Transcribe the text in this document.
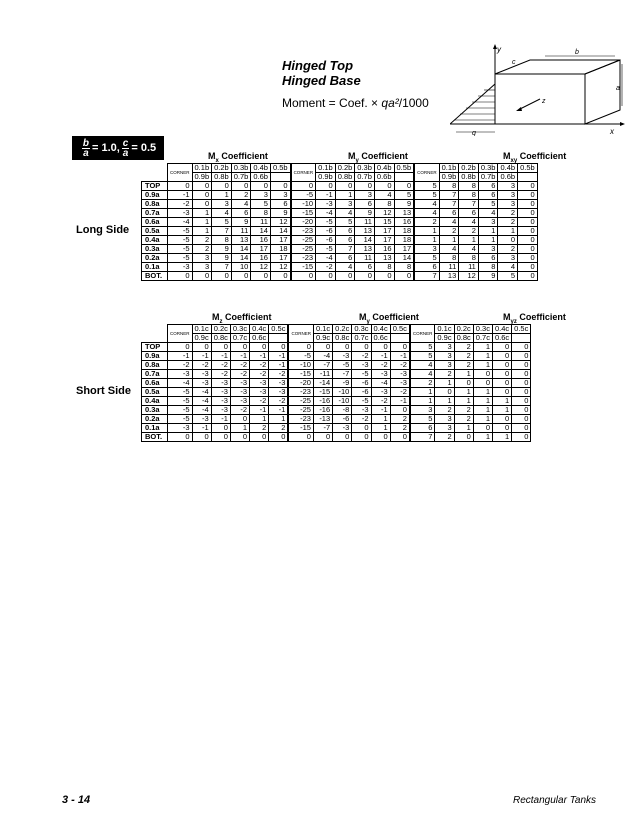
Hinged Top
Hinged Base
Moment = Coef. × qa²/1000
y
c
b
a
z
x
q
$\frac{b}{a} = 1.0$, $\frac{c}{a} = 0.5$
$M_x$ Coefficient	$M_y$ Coefficient	$M_{xy}$ Coefficient
Long Side
	CORNER	0.1b	0.2b	0.3b	0.4b	0.5b	CORNER	0.1b	0.2b	0.3b	0.4b	0.5b	CORNER	0.1b	0.2b	0.3b	0.4b	0.5b
		0.9b	0.8b	0.7b	0.6b			0.9b	0.8b	0.7b	0.6b			0.9b	0.8b	0.7b	0.6b	
TOP	0	0	0	0	0	0	0	0	0	0	0	0	5	8	8	6	3	0
0.9a	-1	0	1	2	3	3	-5	-1	1	3	4	5	5	7	8	6	3	0
0.8a	-2	0	3	4	5	6	-10	-3	3	6	8	9	4	7	7	5	3	0
0.7a	-3	1	4	6	8	9	-15	-4	4	9	12	13	4	6	6	4	2	0
0.6a	-4	1	5	9	11	12	-20	-5	5	11	15	16	2	4	4	3	2	0
0.5a	-5	1	7	11	14	14	-23	-6	6	13	17	18	1	2	2	1	1	0
0.4a	-5	2	8	13	16	17	-25	-6	6	14	17	18	1	1	1	1	0	0
0.3a	-5	2	9	14	17	18	-25	-5	7	13	16	17	3	4	4	3	2	0
0.2a	-5	3	9	14	16	17	-23	-4	6	11	13	14	5	8	8	6	3	0
0.1a	-3	3	7	10	12	12	-15	-2	4	6	8	8	6	11	11	8	4	0
BOT.	0	0	0	0	0	0	0	0	0	0	0	0	7	13	12	9	5	0
$M_z$ Coefficient	$M_y$ Coefficient	$M_{yz}$ Coefficient
Short Side
	CORNER	0.1c	0.2c	0.3c	0.4c	0.5c	CORNER	0.1c	0.2c	0.3c	0.4c	0.5c	CORNER	0.1c	0.2c	0.3c	0.4c	0.5c
		0.9c	0.8c	0.7c	0.6c			0.9c	0.8c	0.7c	0.6c			0.9c	0.8c	0.7c	0.6c	
TOP	0	0	0	0	0	0	0	0	0	0	0	0	5	3	2	1	0	0
0.9a	-1	-1	-1	-1	-1	-1	-5	-4	-3	-2	-1	-1	5	3	2	1	0	0
0.8a	-2	-2	-2	-2	-2	-1	-10	-7	-5	-3	-2	-2	4	3	2	1	0	0
0.7a	-3	-3	-2	-2	-2	-2	-15	-11	-7	-5	-3	-3	4	2	1	0	0	0
0.6a	-4	-3	-3	-3	-3	-3	-20	-14	-9	-6	-4	-3	2	1	0	0	0	0
0.5a	-5	-4	-3	-3	-3	-3	-23	-15	-10	-6	-3	-2	1	0	1	1	0	0
0.4a	-5	-4	-3	-3	-2	-2	-25	-16	-10	-5	-2	-1	1	1	1	1	1	0
0.3a	-5	-4	-3	-2	-1	-1	-25	-16	-8	-3	-1	0	3	2	2	1	1	0
0.2a	-5	-3	-1	0	1	1	-23	-13	-6	-2	1	2	5	3	2	1	0	0
0.1a	-3	-1	0	1	2	2	-15	-7	-3	0	1	2	6	3	1	0	0	0
BOT.	0	0	0	0	0	0	0	0	0	0	0	0	7	2	0	1	1	0
3 - 14	Rectangular Tanks
